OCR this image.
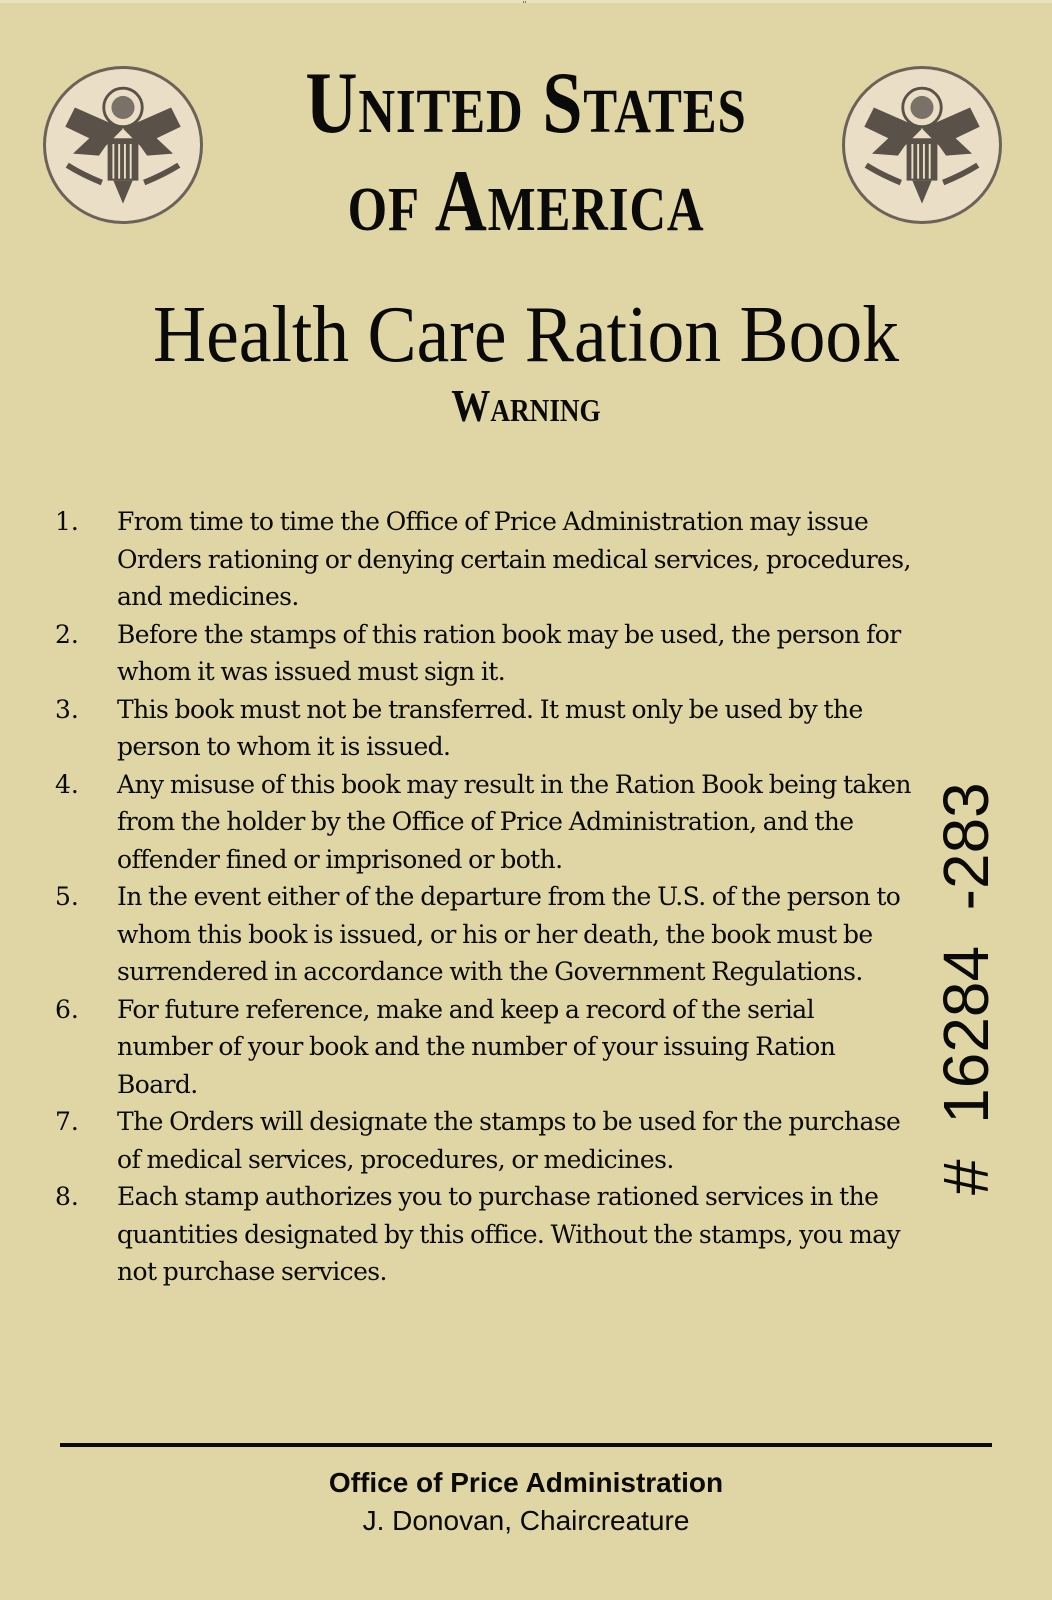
¨
United States
of America
Health Care Ration Book
Warning
1.	From time to time the Office of Price Administration may issue Orders rationing or denying certain medical services, procedures, and medicines.
2.	Before the stamps of this ration book may be used, the person for whom it was issued must sign it.
3.	This book must not be transferred. It must only be used by the person to whom it is issued.
4.	Any misuse of this book may result in the Ration Book being taken from the holder by the Office of Price Administration, and the offender fined or imprisoned or both.
5.	In the event either of the departure from the U.S. of the person to whom this book is issued, or his or her death, the book must be surrendered in accordance with the Government Regulations.
6.	For future reference, make and keep a record of the serial number of your book and the number of your issuing Ration Board.
7.	The Orders will designate the stamps to be used for the purchase of medical services, procedures, or medicines.
8.	Each stamp authorizes you to purchase rationed services in the quantities designated by this office. Without the stamps, you may not purchase services.
#  16284  -283
Office of Price Administration
J. Donovan, Chaircreature
